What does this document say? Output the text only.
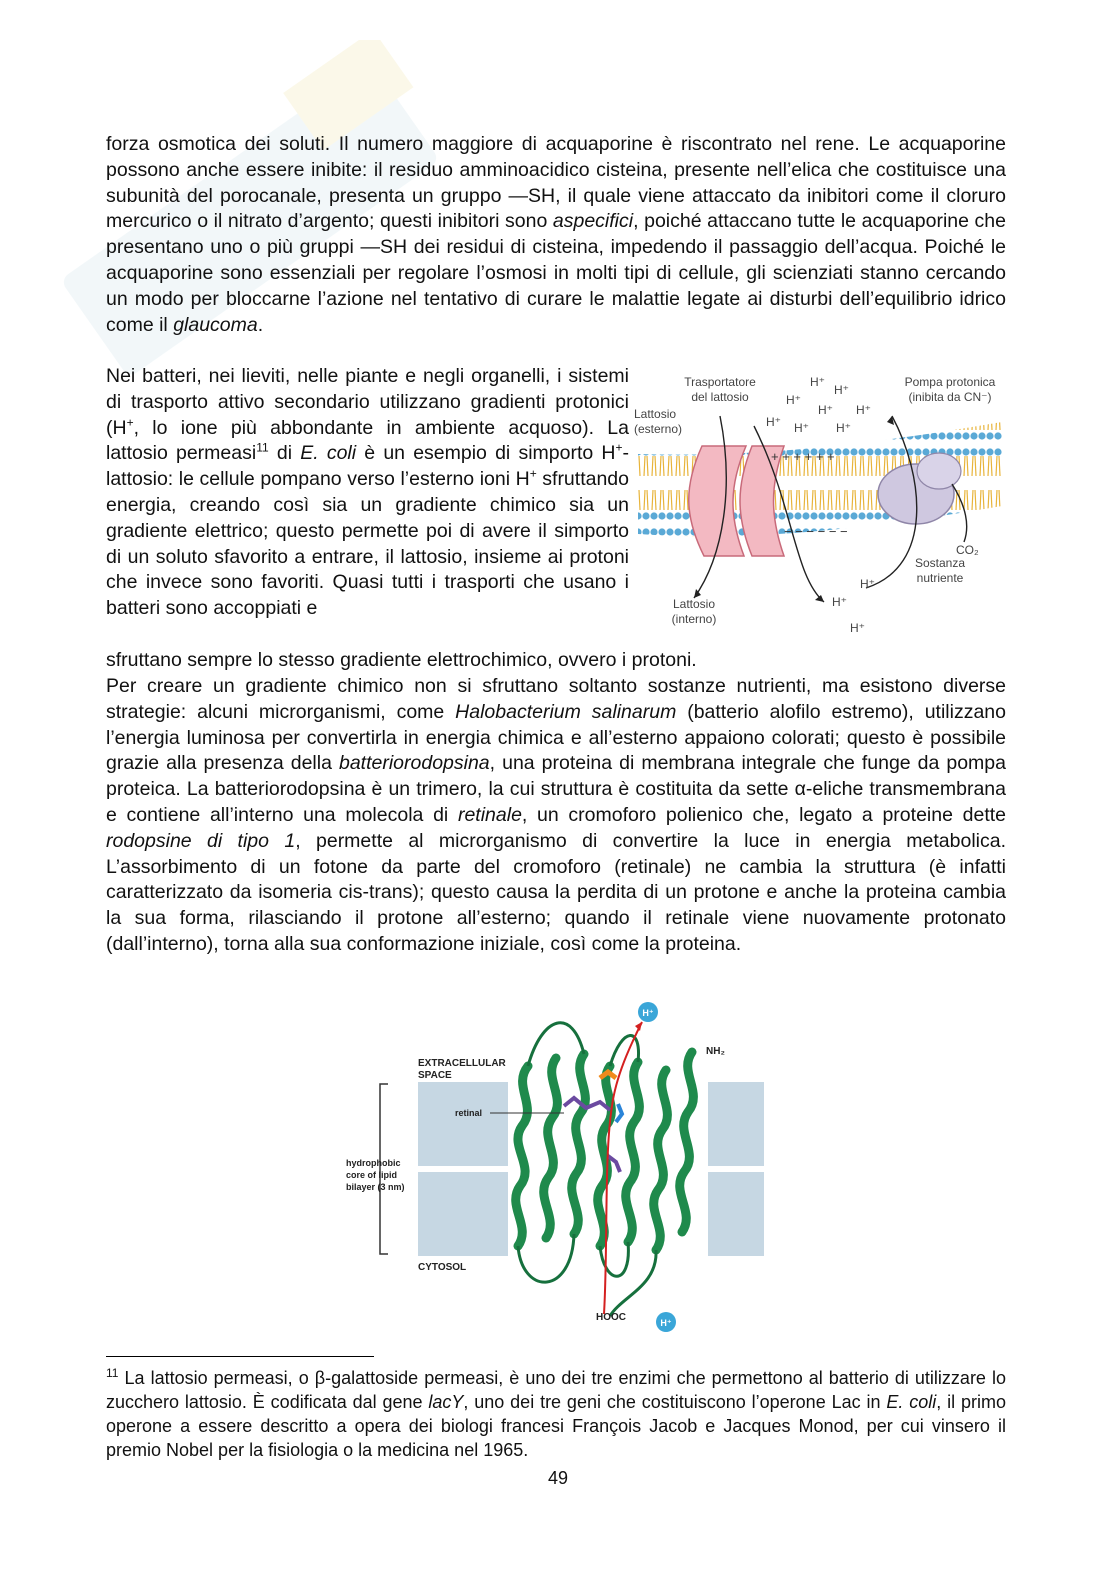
forza osmotica dei soluti. Il numero maggiore di acquaporine è riscontrato nel rene. Le acquaporine possono anche essere inibite: il residuo amminoacidico cisteina, presente nell’elica che costituisce una subunità del porocanale, presenta un gruppo —SH, il quale viene attaccato da inibitori come il cloruro mercurico o il nitrato d’argento; questi inibitori sono aspecifici, poiché attaccano tutte le acquaporine che presentano uno o più gruppi —SH dei residui di cisteina, impedendo il passaggio dell’acqua. Poiché le acquaporine sono essenziali per regolare l’osmosi in molti tipi di cellule, gli scienziati stanno cercando un modo per bloccarne l’azione nel tentativo di curare le malattie legate ai disturbi dell’equilibrio idrico come il glaucoma.
Nei batteri, nei lieviti, nelle piante e negli organelli, i sistemi di trasporto attivo secondario utilizzano gradienti protonici (H+, lo ione più abbondante in ambiente acquoso). La lattosio permeasi$^{11}$ di E. coli è un esempio di simporto H+-lattosio: le cellule pompano verso l’esterno ioni H+ sfruttando energia, creando così sia un gradiente chimico sia un gradiente elettrico; questo permette poi di avere il simporto di un soluto sfavorito a entrare, il lattosio, insieme ai protoni che invece sono favoriti. Quasi tutti i trasporti che usano i batteri sono accoppiati e
sfruttano sempre lo stesso gradiente elettrochimico, ovvero i protoni.
Trasportatore
del lattosio
Pompa protonica
(inibita da CN⁻)
Lattosio
(esterno)
Lattosio
(interno)
Sostanza
nutriente
CO₂
+ + + + + +
− − − − − −
H⁺
H⁺
H⁺
H⁺ H⁺
H⁺ H⁺ H⁺
H⁺
H⁺
H⁺
Per creare un gradiente chimico non si sfruttano soltanto sostanze nutrienti, ma esistono diverse strategie: alcuni microrganismi, come Halobacterium salinarum (batterio alofilo estremo), utilizzano l’energia luminosa per convertirla in energia chimica e all’esterno appaiono colorati; questo è possibile grazie alla presenza della batteriorodopsina, una proteina di membrana integrale che funge da pompa proteica. La batteriorodopsina è un trimero, la cui struttura è costituita da sette α-eliche transmembrana e contiene all’interno una molecola di retinale, un cromoforo polienico che, legato a proteine dette rodopsine di tipo 1, permette al microrganismo di convertire la luce in energia metabolica. L’assorbimento di un fotone da parte del cromoforo (retinale) ne cambia la struttura (è infatti caratterizzato da isomeria cis-trans); questo causa la perdita di un protone e anche la proteina cambia la sua forma, rilasciando il protone all’esterno; quando il retinale viene nuovamente protonato (dall’interno), torna alla sua conformazione iniziale, così come la proteina.
H⁺
H⁺
EXTRACELLULAR
SPACE
retinal
hydrophobic
core of lipid
bilayer (3 nm)
CYTOSOL
NH₂
HOOC
$^{11}$ La lattosio permeasi, o β-galattoside permeasi, è uno dei tre enzimi che permettono al batterio di utilizzare lo zucchero lattosio. È codificata dal gene lacY, uno dei tre geni che costituiscono l’operone Lac in E. coli, il primo operone a essere descritto a opera dei biologi francesi François Jacob e Jacques Monod, per cui vinsero il premio Nobel per la fisiologia o la medicina nel 1965.
49
